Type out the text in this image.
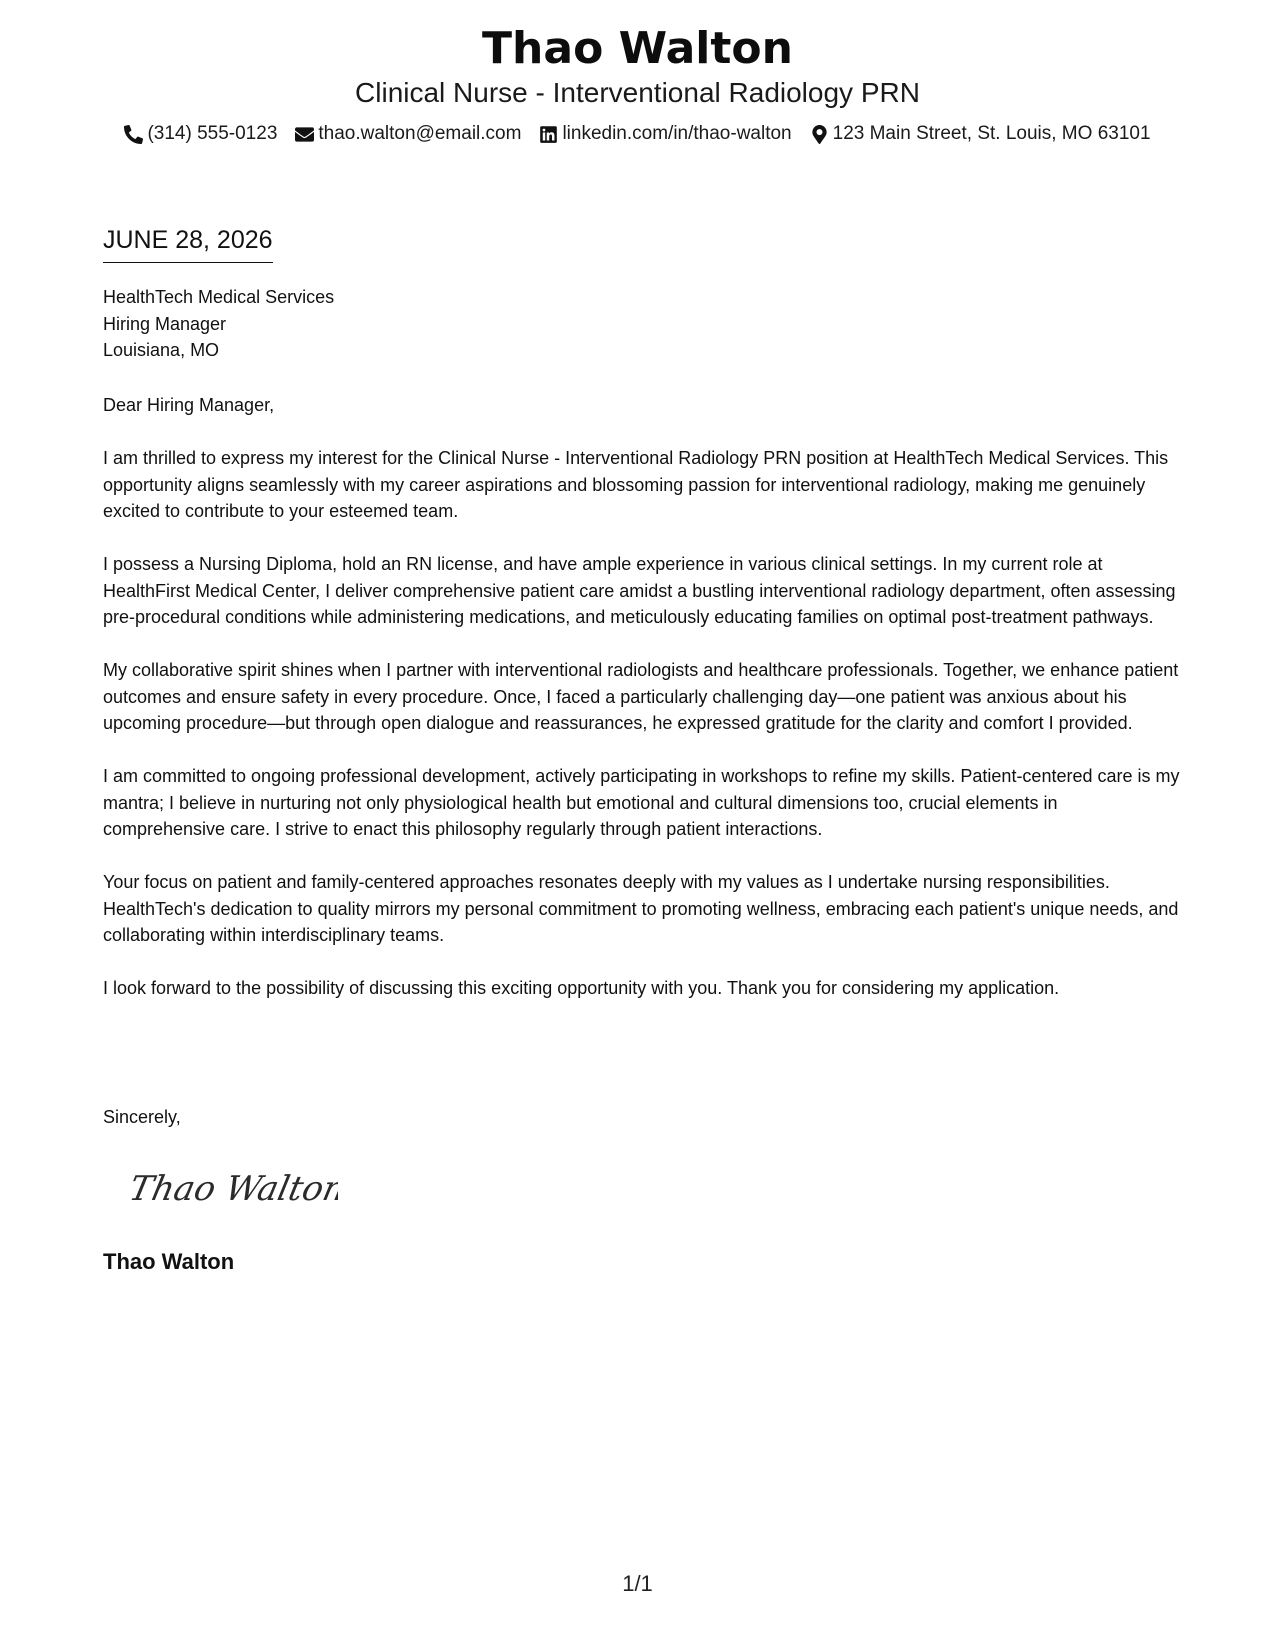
Thao Walton
Clinical Nurse - Interventional Radiology PRN
(314) 555-0123 thao.walton@email.com linkedin.com/in/thao-walton 123 Main Street, St. Louis, MO 63101
JUNE 28, 2026
HealthTech Medical Services
Hiring Manager
Louisiana, MO

Dear Hiring Manager,

I am thrilled to express my interest for the Clinical Nurse - Interventional Radiology PRN position at HealthTech Medical Services. This opportunity aligns seamlessly with my career aspirations and blossoming passion for interventional radiology, making me genuinely excited to contribute to your esteemed team.

I possess a Nursing Diploma, hold an RN license, and have ample experience in various clinical settings. In my current role at HealthFirst Medical Center, I deliver comprehensive patient care amidst a bustling interventional radiology department, often assessing pre-procedural conditions while administering medications, and meticulously educating families on optimal post-treatment pathways.

My collaborative spirit shines when I partner with interventional radiologists and healthcare professionals. Together, we enhance patient outcomes and ensure safety in every procedure. Once, I faced a particularly challenging day—one patient was anxious about his upcoming procedure—but through open dialogue and reassurances, he expressed gratitude for the clarity and comfort I provided.

I am committed to ongoing professional development, actively participating in workshops to refine my skills. Patient-centered care is my mantra; I believe in nurturing not only physiological health but emotional and cultural dimensions too, crucial elements in comprehensive care. I strive to enact this philosophy regularly through patient interactions.

Your focus on patient and family-centered approaches resonates deeply with my values as I undertake nursing responsibilities. HealthTech's dedication to quality mirrors my personal commitment to promoting wellness, embracing each patient's unique needs, and collaborating within interdisciplinary teams.

I look forward to the possibility of discussing this exciting opportunity with you. Thank you for considering my application.

Sincerely,
Thao Walton
Thao Walton
1/1
